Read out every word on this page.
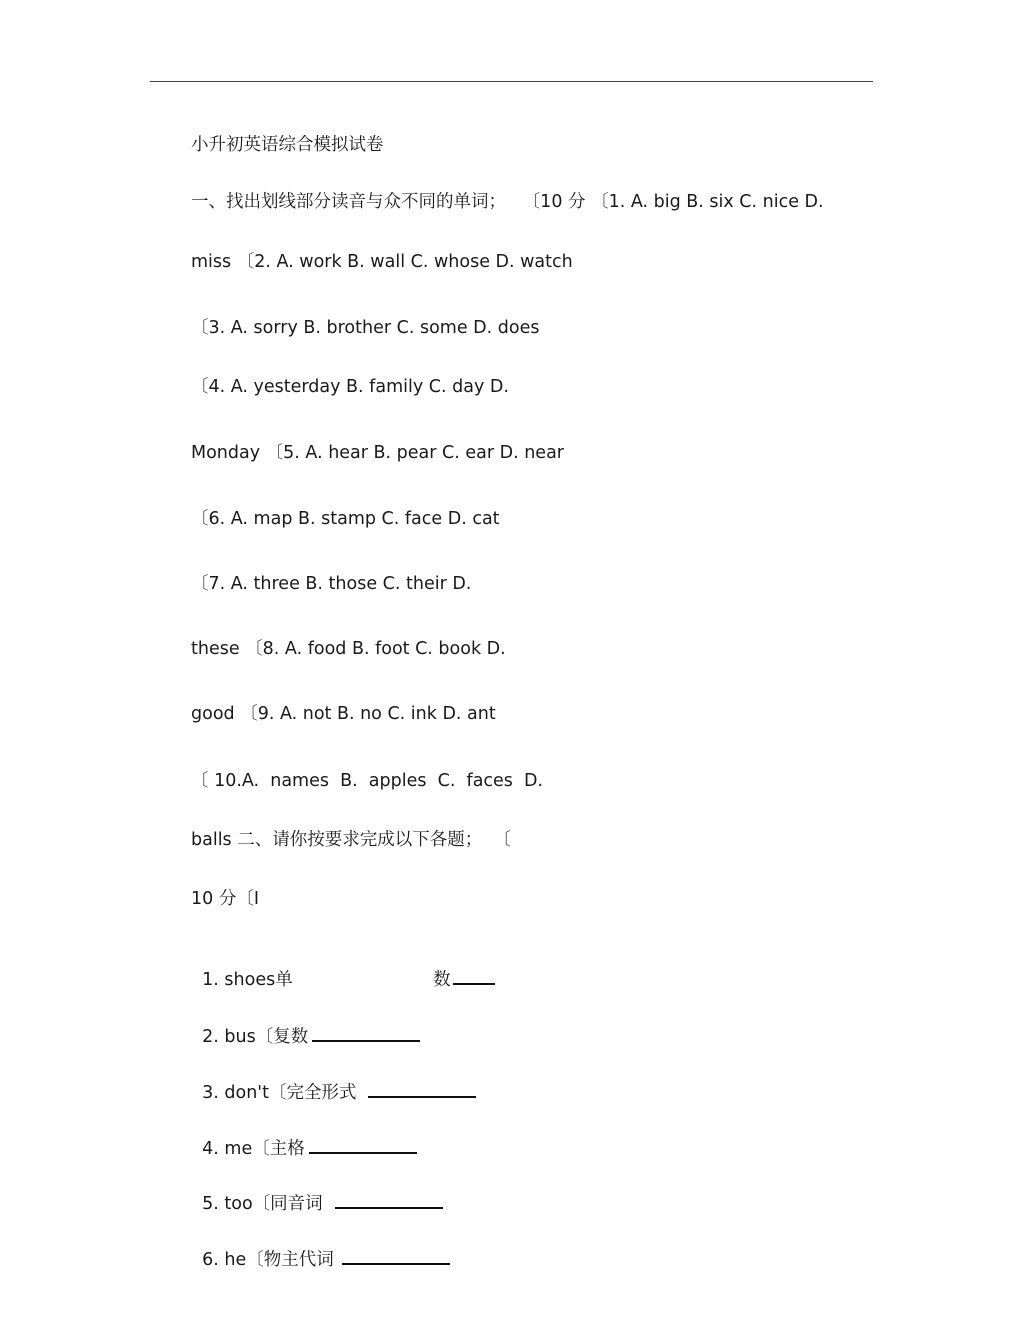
小升初英语综合模拟试卷
一、找出划线部分读音与众不同的单词；   〔10 分 〔1. A. big B. six C. nice D.
miss 〔2. A. work B. wall C. whose D. watch
〔3. A. sorry B. brother C. some D. does
〔4. A. yesterday B. family C. day D.
Monday 〔5. A. hear B. pear C. ear D. near
〔6. A. map B. stamp C. face D. cat
〔7. A. three B. those C. their D.
these 〔8. A. food B. foot C. book D.
good 〔9. A. not B. no C. ink D. ant
〔 10.A.  names  B.  apples  C.  faces  D.
balls 二、请你按要求完成以下各题；  〔
10 分〔I

1. shoes单	数

2. bus〔复数

3. don't〔完全形式

4. me〔主格

5. too〔同音词

6. he〔物主代词
